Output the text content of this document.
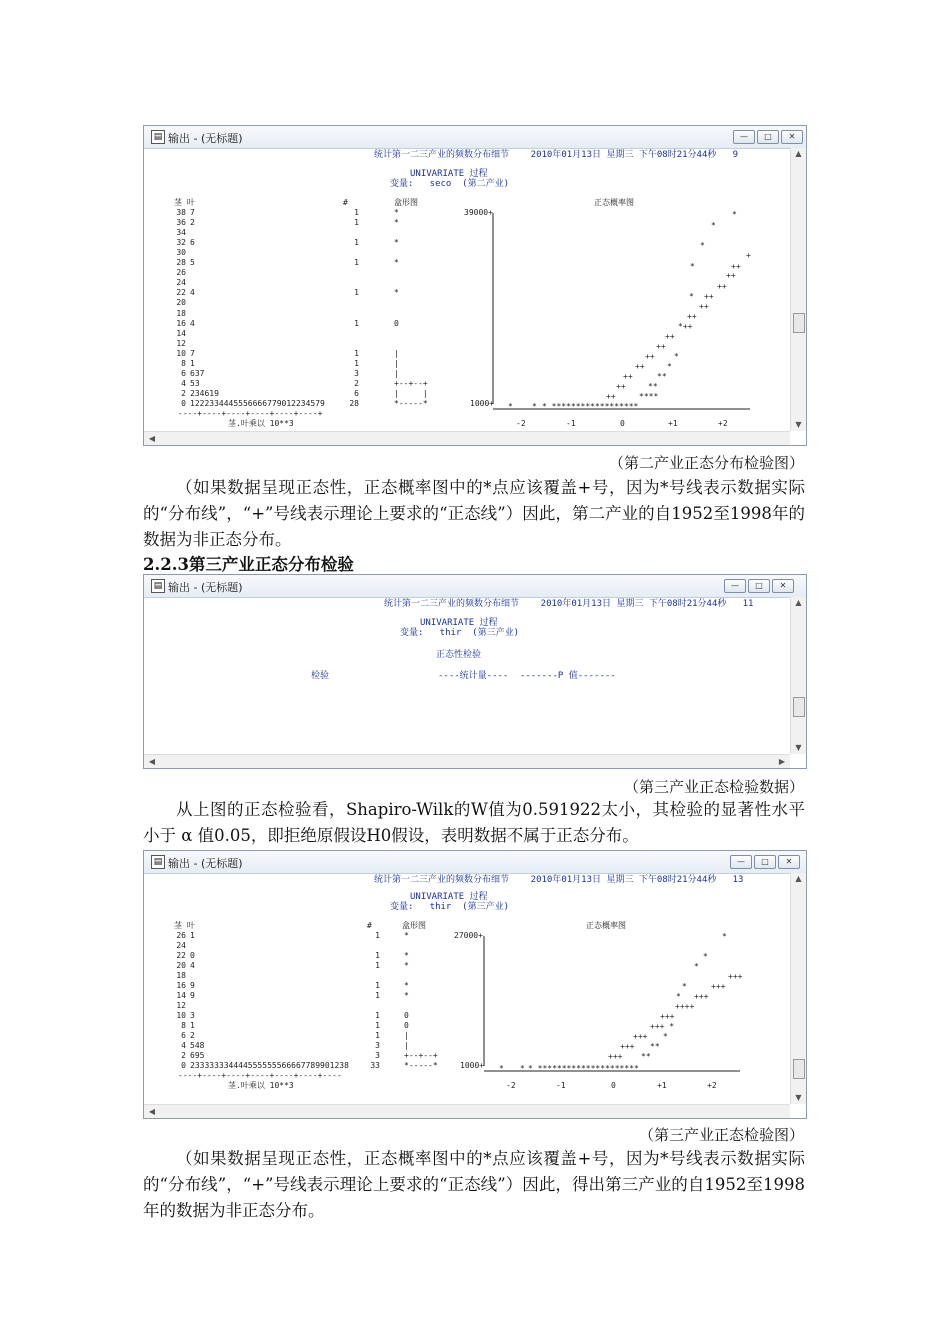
▤ 输出 - (无标题)	—	□	✕
统计第一二三产业的频数分布细节    2010年01月13日 星期三 下午08时21分44秒   9
UNIVARIATE 过程
变量:   seco  (第二产业)
茎 叶	#	盒形图	正态概率图
38 7	1	*
36 2	1	*
34
32 6	1	*
30
28 5	1	*
26
24
22 4	1	*
20
18
16 4	1	0
14
12
10 7	1	|
8 1	1	|
6 637	3	|
4 53	2	+--+--+
2 234619	6	|     |
0 1222334445556666779012234579	28	*-----*
----+----+----+----+----+----+
茎.叶乘以 10**3
39000+
1000+
*
*
+
*
++
*
++
++
++
*
++
++
*++
++
++
++ *
++	*
++	**
++	**
++	****
* * * ******************
-2	-1	0	+1	+2
▲
▼
◀
（第二产业正态分布检验图）
（如果数据呈现正态性，正态概率图中的*点应该覆盖+号，因为*号线表示数据实际的“分布线”，“+”号线表示理论上要求的“正态线”）因此，第二产业的自1952至1998年的数据为非正态分布。
2.2.3第三产业正态分布检验
▤ 输出 - (无标题)	—	□	✕
统计第一二三产业的频数分布细节    2010年01月13日 星期三 下午08时21分44秒   11
UNIVARIATE 过程
变量:   thir  (第三产业)
正态性检验
检验	----统计量---- -------P 值-------
▲
▼
◀	▶
（第三产业正态检验数据）
从上图的正态检验看，Shapiro-Wilk的W值为0.591922太小，其检验的显著性水平小于 α 值0.05，即拒绝原假设H0假设，表明数据不属于正态分布。
▤ 输出 - (无标题)	—	□	✕
统计第一二三产业的频数分布细节    2010年01月13日 星期三 下午08时21分44秒   13
UNIVARIATE 过程
变量:   thir  (第三产业)
茎 叶	#	盒形图	正态概率图
26 1	1	*
24
22 0	1	*
20 4	1	*
18
16 9	1	*
14 9	1	*
12
10 3	1	0
8 1	1	0
6 2	1	|
4 548	3	|
2 695	3	+--+--+
0 233333334444555555566667789901238	33	*-----*
----+----+----+----+----+----+----
茎.叶乘以 10**3
27000+
1000+
*
*
*
+++
+++
*
+++
*
++++
+++
+++ *
+++ *
+++ **
+++ **
* * * *********************
-2	-1	0	+1	+2
▲
▼
◀
（第三产业正态检验图）
（如果数据呈现正态性，正态概率图中的*点应该覆盖+号，因为*号线表示数据实际的“分布线”，“+”号线表示理论上要求的“正态线”）因此，得出第三产业的自1952至1998年的数据为非正态分布。
